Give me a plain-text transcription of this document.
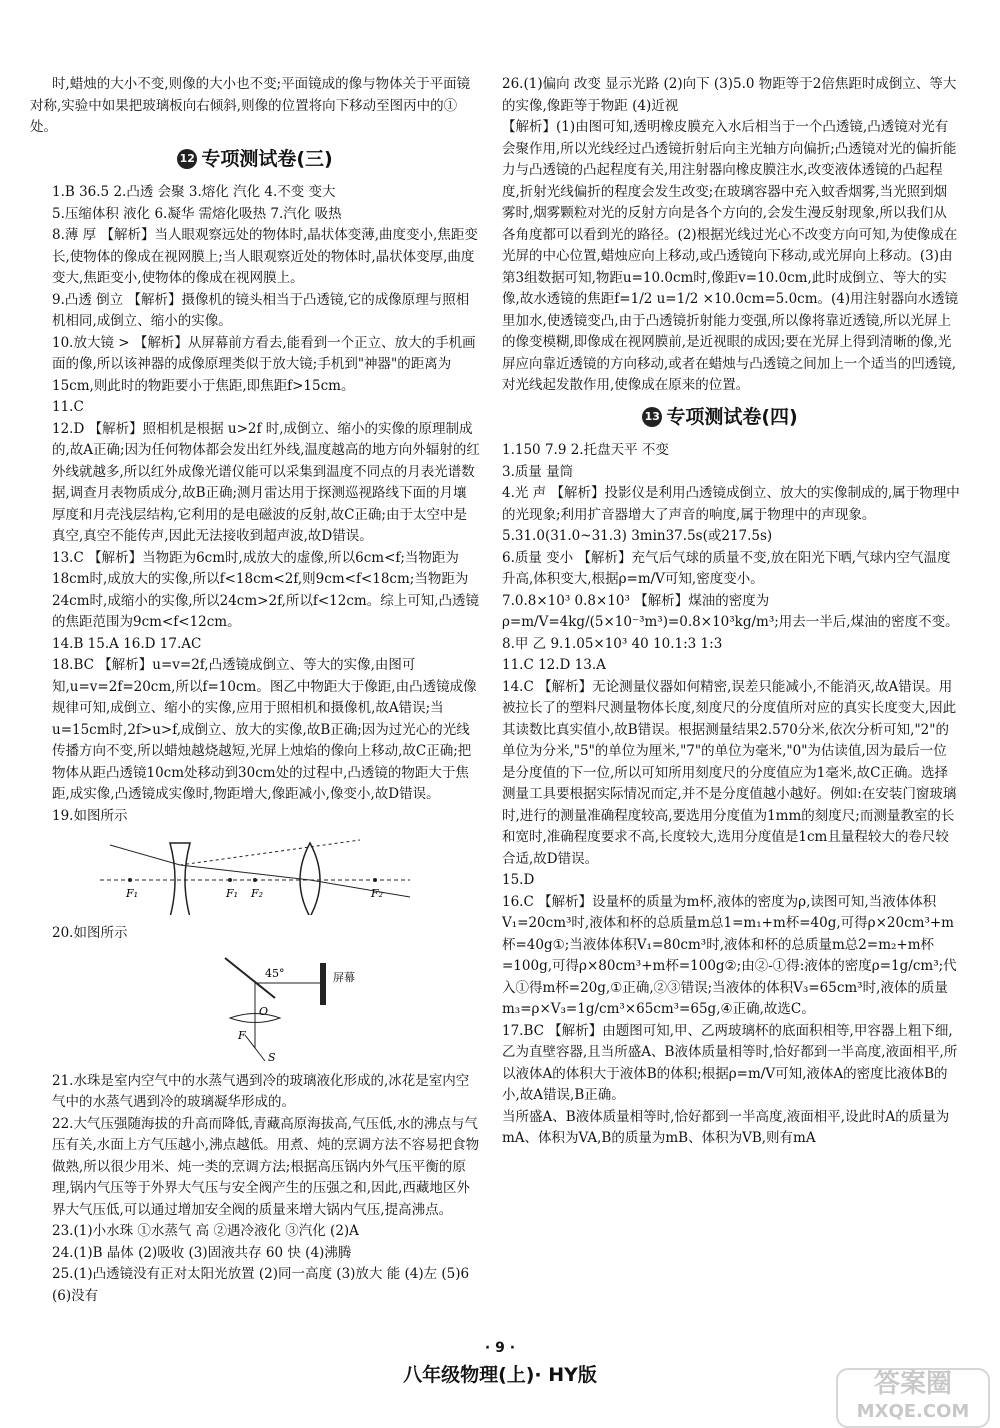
时,蜡烛的大小不变,则像的大小也不变;平面镜成的像与物体关于平面镜对称,实验中如果把玻璃板向右倾斜,则像的位置将向下移动至图丙中的①处。

12 专项测试卷(三)

1.B 36.5 2.凸透 会聚 3.熔化 汽化 4.不变 变大

5.压缩体积 液化 6.凝华 需熔化吸热 7.汽化 吸热

8.薄 厚 【解析】当人眼观察远处的物体时,晶状体变薄,曲度变小,焦距变长,使物体的像成在视网膜上;当人眼观察近处的物体时,晶状体变厚,曲度变大,焦距变小,使物体的像成在视网膜上。

9.凸透 倒立 【解析】摄像机的镜头相当于凸透镜,它的成像原理与照相机相同,成倒立、缩小的实像。

10.放大镜 > 【解析】从屏幕前方看去,能看到一个正立、放大的手机画面的像,所以该神器的成像原理类似于放大镜;手机到"神器"的距离为15cm,则此时的物距要小于焦距,即焦距f>15cm。

11.C

12.D 【解析】照相机是根据 u>2f 时,成倒立、缩小的实像的原理制成的,故A正确;因为任何物体都会发出红外线,温度越高的地方向外辐射的红外线就越多,所以红外成像光谱仪能可以采集到温度不同点的月表光谱数据,调查月表物质成分,故B正确;测月雷达用于探测巡视路线下面的月壤厚度和月壳浅层结构,它利用的是电磁波的反射,故C正确;由于太空中是真空,真空不能传声,因此无法接收到超声波,故D错误。

13.C 【解析】当物距为6cm时,成放大的虚像,所以6cm<f;当物距为18cm时,成放大的实像,所以f<18cm<2f,则9cm<f<18cm;当物距为24cm时,成缩小的实像,所以24cm>2f,所以f<12cm。综上可知,凸透镜的焦距范围为9cm<f<12cm。

14.B 15.A 16.D 17.AC

18.BC 【解析】u=v=2f,凸透镜成倒立、等大的实像,由图可知,u=v=2f=20cm,所以f=10cm。图乙中物距大于像距,由凸透镜成像规律可知,成倒立、缩小的实像,应用于照相机和摄像机,故A错误;当u=15cm时,2f>u>f,成倒立、放大的实像,故B正确;因为过光心的光线传播方向不变,所以蜡烛越烧越短,光屏上烛焰的像向上移动,故C正确;把物体从距凸透镜10cm处移动到30cm处的过程中,凸透镜的物距大于焦距,成实像,凸透镜成实像时,物距增大,像距减小,像变小,故D错误。

19.如图所示

F₁	F₁ F₂	F₂

20.如图所示

45°	屏幕
O
F
S

21.水珠是室内空气中的水蒸气遇到冷的玻璃液化形成的,冰花是室内空气中的水蒸气遇到冷的玻璃凝华形成的。

22.大气压强随海拔的升高而降低,青藏高原海拔高,气压低,水的沸点与气压有关,水面上方气压越小,沸点越低。用煮、炖的烹调方法不容易把食物做熟,所以很少用米、炖一类的烹调方法;根据高压锅内外气压平衡的原理,锅内气压等于外界大气压与安全阀产生的压强之和,因此,西藏地区外界大气压低,可以通过增加安全阀的质量来增大锅内气压,提高沸点。

23.(1)小水珠 ①水蒸气 高 ②遇冷液化 ③汽化 (2)A

24.(1)B 晶体 (2)吸收 (3)固液共存 60 快 (4)沸腾

25.(1)凸透镜没有正对太阳光放置 (2)同一高度 (3)放大 能 (4)左 (5)6 (6)没有

26.(1)偏向 改变 显示光路 (2)向下 (3)5.0 物距等于2倍焦距时成倒立、等大的实像,像距等于物距 (4)近视

【解析】(1)由图可知,透明橡皮膜充入水后相当于一个凸透镜,凸透镜对光有会聚作用,所以光线经过凸透镜折射后向主光轴方向偏折;凸透镜对光的偏折能力与凸透镜的凸起程度有关,用注射器向橡皮膜注水,改变液体透镜的凸起程度,折射光线偏折的程度会发生改变;在玻璃容器中充入蚊香烟雾,当光照到烟雾时,烟雾颗粒对光的反射方向是各个方向的,会发生漫反射现象,所以我们从各角度都可以看到光的路径。(2)根据光线过光心不改变方向可知,为使像成在光屏的中心位置,蜡烛应向上移动,或凸透镜向下移动,或光屏向上移动。(3)由第3组数据可知,物距u=10.0cm时,像距v=10.0cm,此时成倒立、等大的实像,故水透镜的焦距f=1/2 u=1/2 ×10.0cm=5.0cm。(4)用注射器向水透镜里加水,使透镜变凸,由于凸透镜折射能力变强,所以像将靠近透镜,所以光屏上的像变模糊,即像成在视网膜前,是近视眼的成因;要在光屏上得到清晰的像,光屏应向靠近透镜的方向移动,或者在蜡烛与凸透镜之间加上一个适当的凹透镜,对光线起发散作用,使像成在原来的位置。

13 专项测试卷(四)

1.150 7.9 2.托盘天平 不变

3.质量 量筒

4.光 声 【解析】投影仪是利用凸透镜成倒立、放大的实像制成的,属于物理中的光现象;利用扩音器增大了声音的响度,属于物理中的声现象。

5.31.0(31.0~31.3) 3min37.5s(或217.5s)

6.质量 变小 【解析】充气后气球的质量不变,放在阳光下晒,气球内空气温度升高,体积变大,根据ρ=m/V可知,密度变小。

7.0.8×10³ 0.8×10³ 【解析】煤油的密度为ρ=m/V=4kg/(5×10⁻³m³)=0.8×10³kg/m³;用去一半后,煤油的密度不变。

8.甲 乙 9.1.05×10³ 40 10.1:3 1:3

11.C 12.D 13.A

14.C 【解析】无论测量仪器如何精密,误差只能减小,不能消灭,故A错误。用被拉长了的塑料尺测量物体长度,刻度尺的分度值所对应的真实长度变大,因此其读数比真实值小,故B错误。根据测量结果2.570分米,依次分析可知,"2"的单位为分米,"5"的单位为厘米,"7"的单位为毫米,"0"为估读值,因为最后一位是分度值的下一位,所以可知所用刻度尺的分度值应为1毫米,故C正确。选择测量工具要根据实际情况而定,并不是分度值越小越好。例如:在安装门窗玻璃时,进行的测量准确程度较高,要选用分度值为1mm的刻度尺;而测量教室的长和宽时,准确程度要求不高,长度较大,选用分度值是1cm且量程较大的卷尺较合适,故D错误。

15.D

16.C 【解析】设量杯的质量为m杯,液体的密度为ρ,读图可知,当液体体积V₁=20cm³时,液体和杯的总质量m总1=m₁+m杯=40g,可得ρ×20cm³+m杯=40g①;当液体体积V₁=80cm³时,液体和杯的总质量m总2=m₂+m杯=100g,可得ρ×80cm³+m杯=100g②;由②-①得:液体的密度ρ=1g/cm³;代入①得m杯=20g,①正确,②③错误;当液体的体积V₃=65cm³时,液体的质量m₃=ρ×V₃=1g/cm³×65cm³=65g,④正确,故选C。

17.BC 【解析】由题图可知,甲、乙两玻璃杯的底面积相等,甲容器上粗下细,乙为直壁容器,且当所盛A、B液体质量相等时,恰好都到一半高度,液面相平,所以液体A的体积大于液体B的体积;根据ρ=m/V可知,液体A的密度比液体B的小,故A错误,B正确。

当所盛A、B液体质量相等时,恰好都到一半高度,液面相平,设此时A的质量为mA、体积为VA,B的质量为mB、体积为VB,则有mA

· 9 ·
八年级物理(上)· HY版	答案圈
MXQE.COM
